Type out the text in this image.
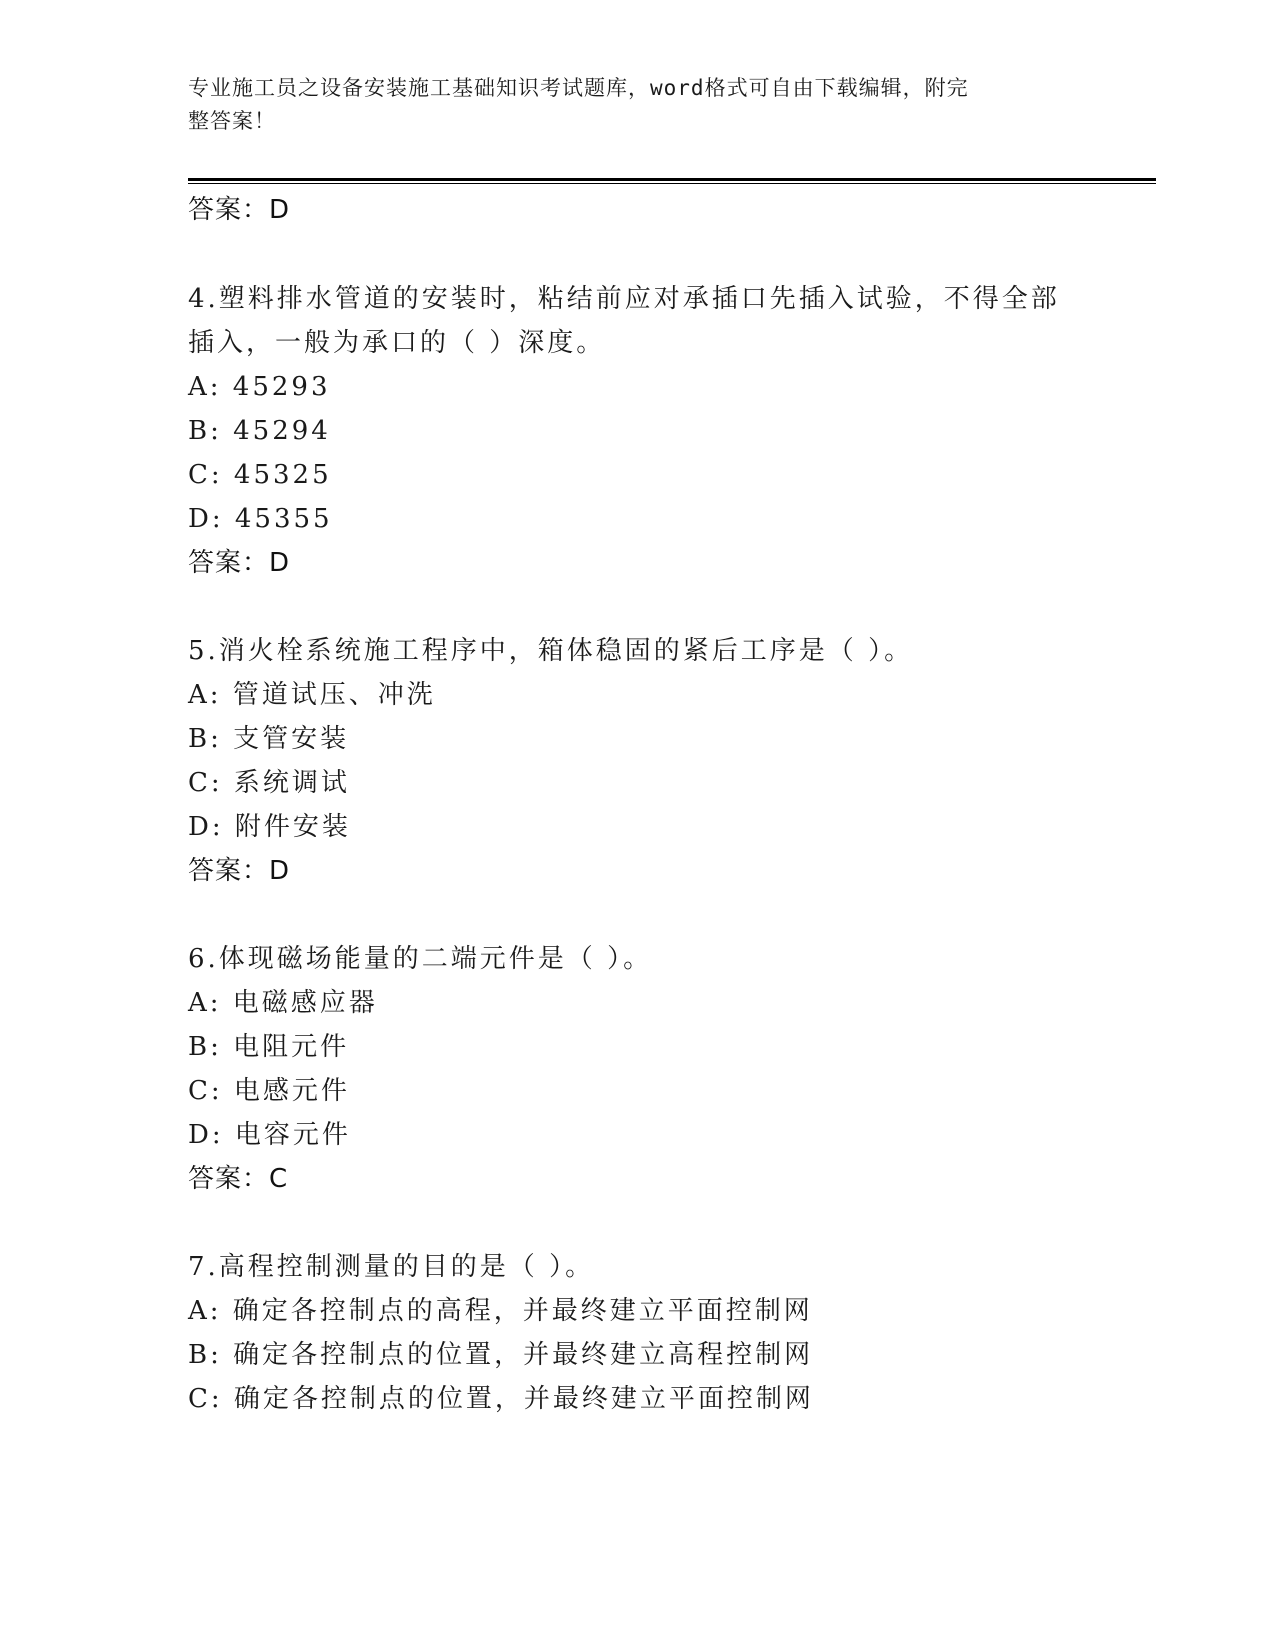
专业施工员之设备安装施工基础知识考试题库，word格式可自由下载编辑，附完
整答案！
答案：D
4.塑料排水管道的安装时，粘结前应对承插口先插入试验，不得全部
插入，一般为承口的（ ）深度。
A: 45293
B: 45294
C: 45325
D: 45355
答案：D
5.消火栓系统施工程序中，箱体稳固的紧后工序是（ ）。
A: 管道试压、冲洗
B: 支管安装
C: 系统调试
D: 附件安装
答案：D
6.体现磁场能量的二端元件是（ ）。
A: 电磁感应器
B: 电阻元件
C: 电感元件
D: 电容元件
答案：C
7.高程控制测量的目的是（ ）。
A: 确定各控制点的高程，并最终建立平面控制网
B: 确定各控制点的位置，并最终建立高程控制网
C: 确定各控制点的位置，并最终建立平面控制网
